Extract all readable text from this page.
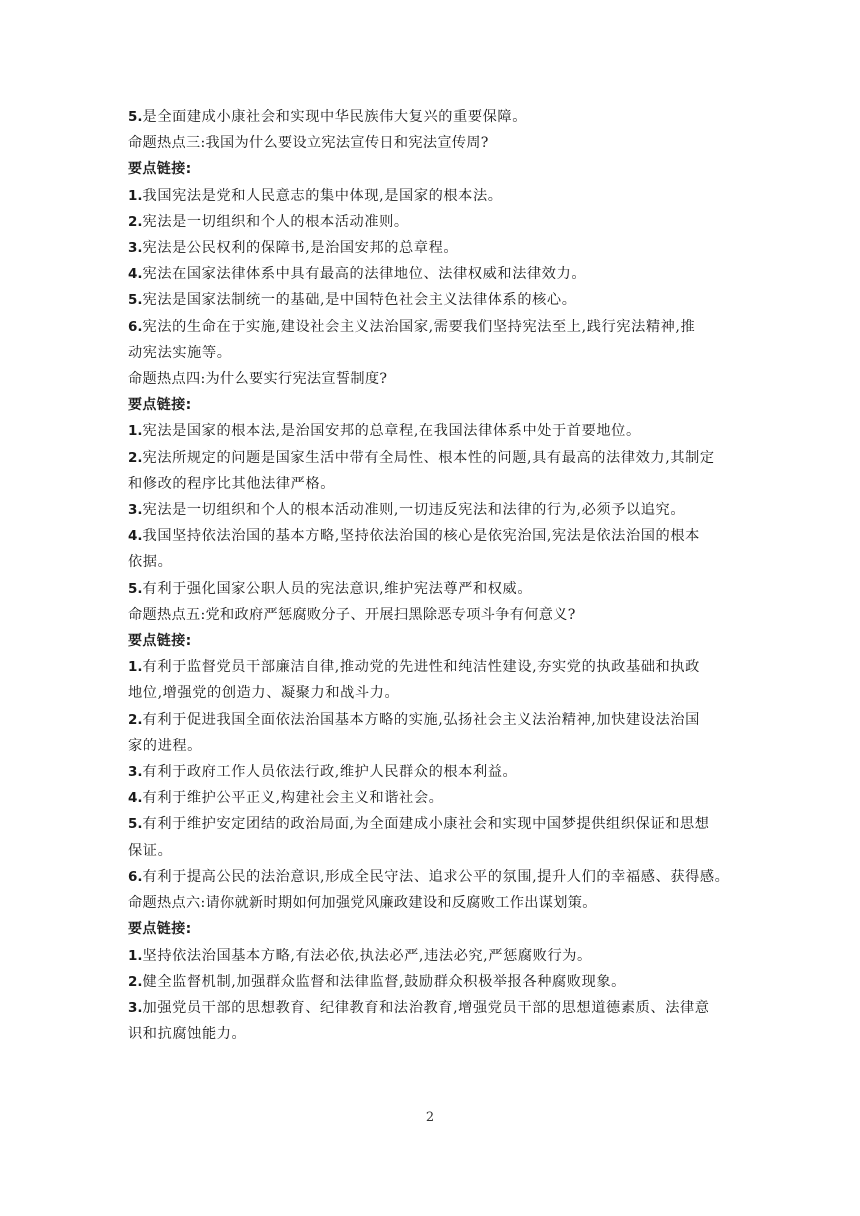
5.是全面建成小康社会和实现中华民族伟大复兴的重要保障。
命题热点三:我国为什么要设立宪法宣传日和宪法宣传周?
要点链接:
1.我国宪法是党和人民意志的集中体现,是国家的根本法。
2.宪法是一切组织和个人的根本活动准则。
3.宪法是公民权利的保障书,是治国安邦的总章程。
4.宪法在国家法律体系中具有最高的法律地位、法律权威和法律效力。
5.宪法是国家法制统一的基础,是中国特色社会主义法律体系的核心。
6.宪法的生命在于实施,建设社会主义法治国家,需要我们坚持宪法至上,践行宪法精神,推
动宪法实施等。
命题热点四:为什么要实行宪法宣誓制度?
要点链接:
1.宪法是国家的根本法,是治国安邦的总章程,在我国法律体系中处于首要地位。
2.宪法所规定的问题是国家生活中带有全局性、根本性的问题,具有最高的法律效力,其制定
和修改的程序比其他法律严格。
3.宪法是一切组织和个人的根本活动准则,一切违反宪法和法律的行为,必须予以追究。
4.我国坚持依法治国的基本方略,坚持依法治国的核心是依宪治国,宪法是依法治国的根本
依据。
5.有利于强化国家公职人员的宪法意识,维护宪法尊严和权威。
命题热点五:党和政府严惩腐败分子、开展扫黑除恶专项斗争有何意义?
要点链接:
1.有利于监督党员干部廉洁自律,推动党的先进性和纯洁性建设,夯实党的执政基础和执政
地位,增强党的创造力、凝聚力和战斗力。
2.有利于促进我国全面依法治国基本方略的实施,弘扬社会主义法治精神,加快建设法治国
家的进程。
3.有利于政府工作人员依法行政,维护人民群众的根本利益。
4.有利于维护公平正义,构建社会主义和谐社会。
5.有利于维护安定团结的政治局面,为全面建成小康社会和实现中国梦提供组织保证和思想
保证。
6.有利于提高公民的法治意识,形成全民守法、追求公平的氛围,提升人们的幸福感、获得感。
命题热点六:请你就新时期如何加强党风廉政建设和反腐败工作出谋划策。
要点链接:
1.坚持依法治国基本方略,有法必依,执法必严,违法必究,严惩腐败行为。
2.健全监督机制,加强群众监督和法律监督,鼓励群众积极举报各种腐败现象。
3.加强党员干部的思想教育、纪律教育和法治教育,增强党员干部的思想道德素质、法律意
识和抗腐蚀能力。
2
